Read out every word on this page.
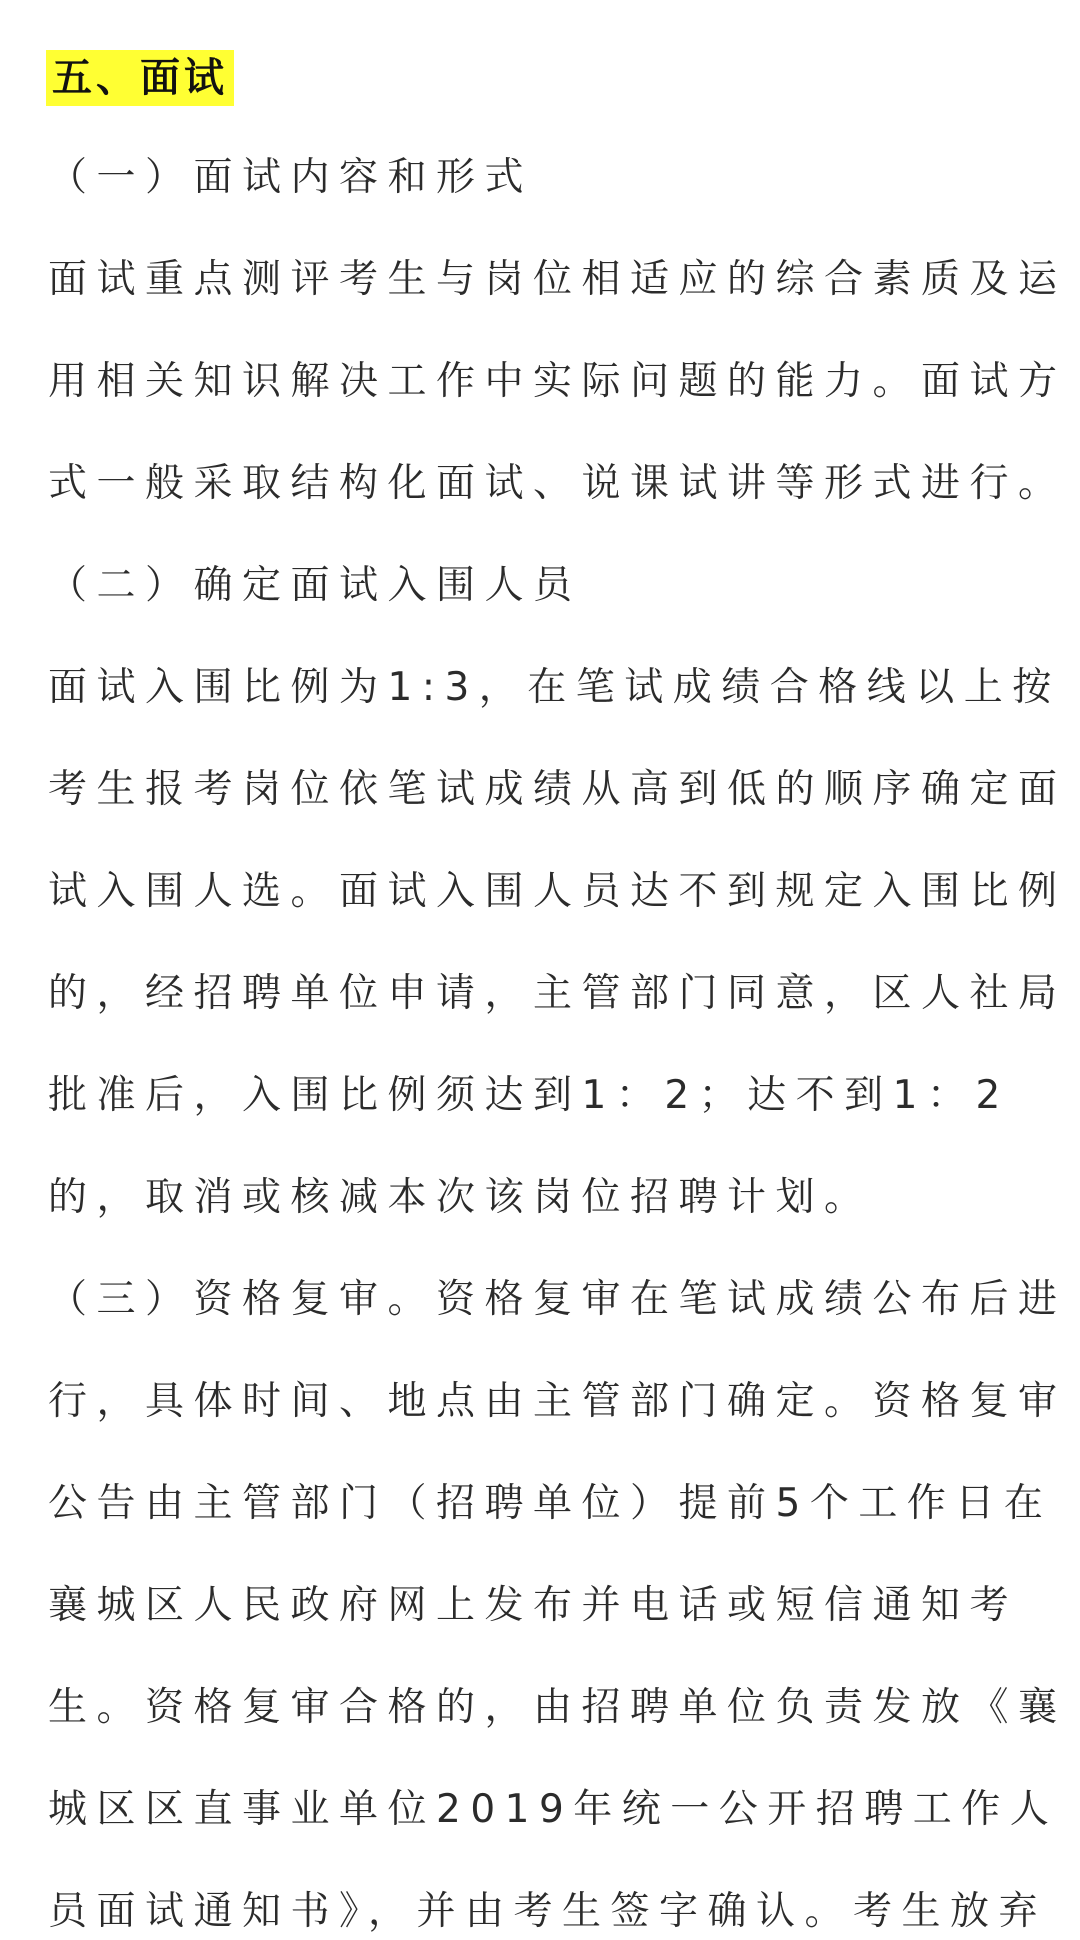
五、面试

（一）面试内容和形式

面试重点测评考生与岗位相适应的综合素质及运

用相关知识解决工作中实际问题的能力。面试方

式一般采取结构化面试、说课试讲等形式进行。

（二）确定面试入围人员

面试入围比例为1:3，在笔试成绩合格线以上按

考生报考岗位依笔试成绩从高到低的顺序确定面

试入围人选。面试入围人员达不到规定入围比例

的，经招聘单位申请，主管部门同意，区人社局

批准后，入围比例须达到1：2；达不到1：2

的，取消或核减本次该岗位招聘计划。

（三）资格复审。资格复审在笔试成绩公布后进

行，具体时间、地点由主管部门确定。资格复审

公告由主管部门（招聘单位）提前5个工作日在

襄城区人民政府网上发布并电话或短信通知考

生。资格复审合格的，由招聘单位负责发放《襄

城区区直事业单位2019年统一公开招聘工作人

员面试通知书》，并由考生签字确认。考生放弃
